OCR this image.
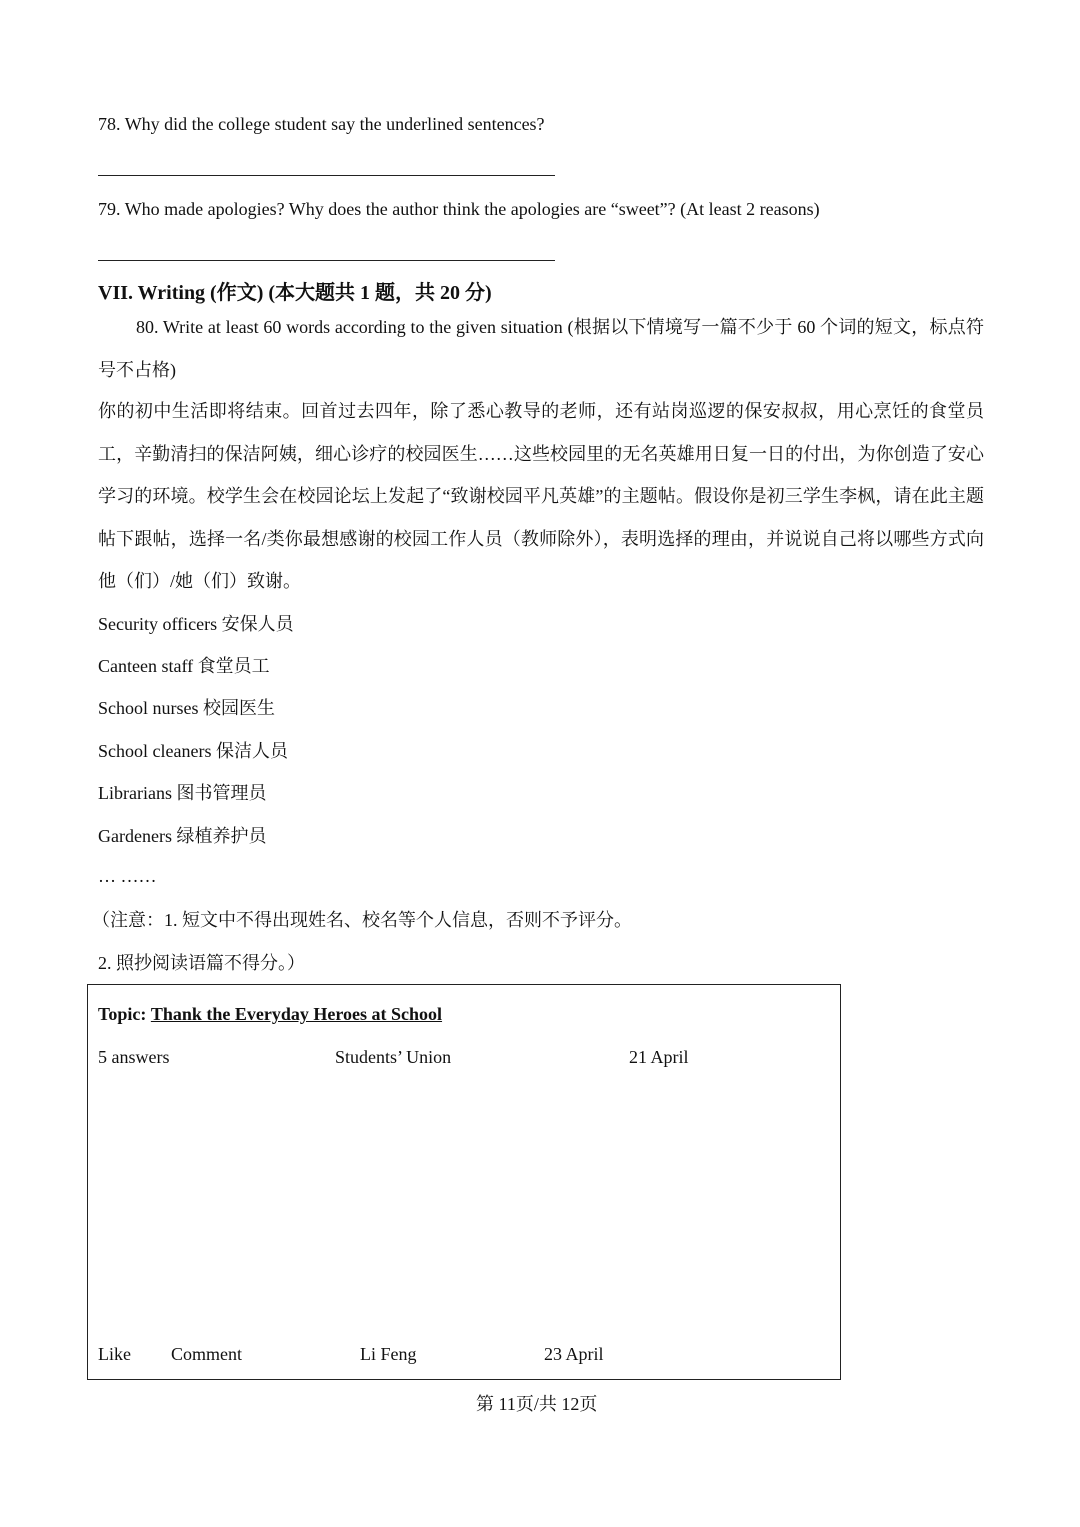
78. Why did the college student say the underlined sentences?
79. Who made apologies? Why does the author think the apologies are “sweet”? (At least 2 reasons)
VII. Writing (作文) (本大题共 1 题，共 20 分)
80. Write at least 60 words according to the given situation (根据以下情境写一篇不少于 60 个词的短文，标点符号不占格)
你的初中生活即将结束。回首过去四年，除了悉心教导的老师，还有站岗巡逻的保安叔叔，用心烹饪的食堂员工，辛勤清扫的保洁阿姨，细心诊疗的校园医生……这些校园里的无名英雄用日复一日的付出，为你创造了安心学习的环境。校学生会在校园论坛上发起了“致谢校园平凡英雄”的主题帖。假设你是初三学生李枫，请在此主题帖下跟帖，选择一名/类你最想感谢的校园工作人员（教师除外），表明选择的理由，并说说自己将以哪些方式向他（们）/她（们）致谢。
Security officers 安保人员
Canteen staff 食堂员工
School nurses 校园医生
School cleaners 保洁人员
Librarians 图书管理员
Gardeners 绿植养护员
… ……
（注意：1. 短文中不得出现姓名、校名等个人信息，否则不予评分。
2. 照抄阅读语篇不得分。）
Topic: Thank the Everyday Heroes at School
5 answers	Students’ Union	21 April
Like Comment	Li Feng	23 April
第 11页/共 12页
